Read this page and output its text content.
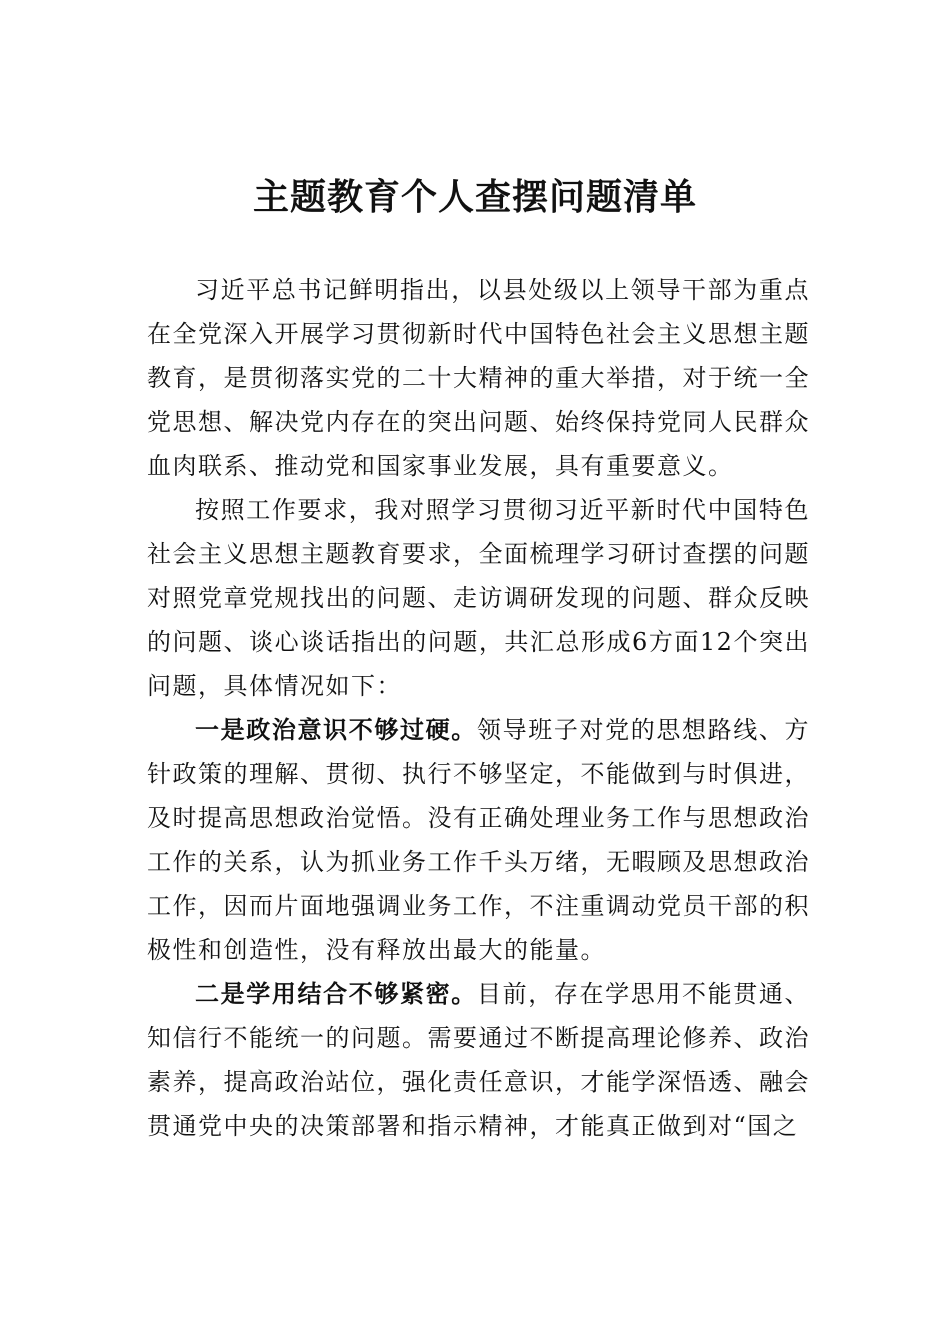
主题教育个人查摆问题清单

习近平总书记鲜明指出，以县处级以上领导干部为重点在全党深入开展学习贯彻新时代中国特色社会主义思想主题教育，是贯彻落实党的二十大精神的重大举措，对于统一全党思想、解决党内存在的突出问题、始终保持党同人民群众血肉联系、推动党和国家事业发展，具有重要意义。

按照工作要求，我对照学习贯彻习近平新时代中国特色社会主义思想主题教育要求，全面梳理学习研讨查摆的问题对照党章党规找出的问题、走访调研发现的问题、群众反映的问题、谈心谈话指出的问题，共汇总形成6方面12个突出问题，具体情况如下：

一是政治意识不够过硬。领导班子对党的思想路线、方针政策的理解、贯彻、执行不够坚定，不能做到与时俱进，及时提高思想政治觉悟。没有正确处理业务工作与思想政治工作的关系，认为抓业务工作千头万绪，无暇顾及思想政治工作，因而片面地强调业务工作，不注重调动党员干部的积极性和创造性，没有释放出最大的能量。

二是学用结合不够紧密。目前，存在学思用不能贯通、知信行不能统一的问题。需要通过不断提高理论修养、政治素养，提高政治站位，强化责任意识，才能学深悟透、融会贯通党中央的决策部署和指示精神，才能真正做到对“国之
